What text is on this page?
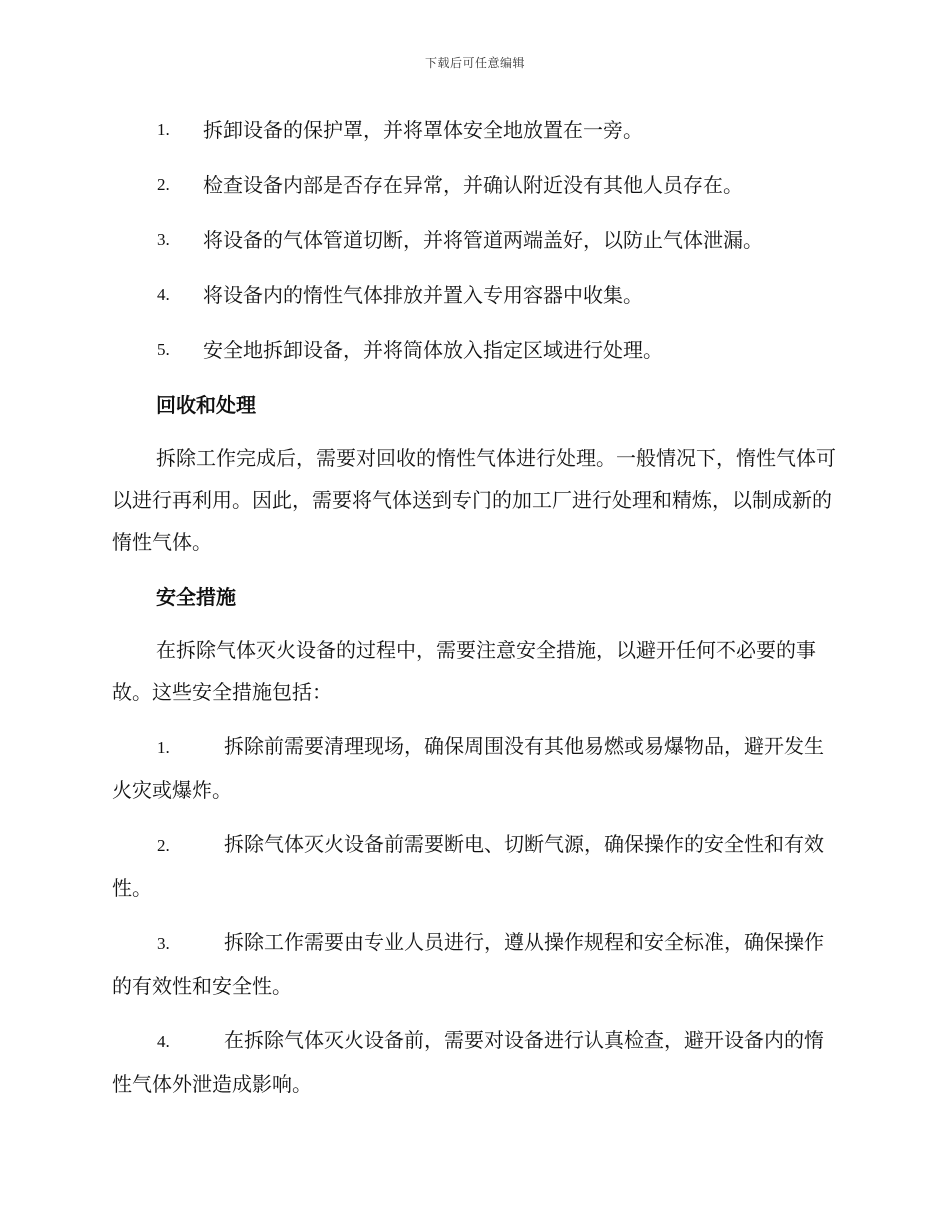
下载后可任意编辑
1.	拆卸设备的保护罩，并将罩体安全地放置在一旁。
2.	检查设备内部是否存在异常，并确认附近没有其他人员存在。
3.	将设备的气体管道切断，并将管道两端盖好，以防止气体泄漏。
4.	将设备内的惰性气体排放并置入专用容器中收集。
5.	安全地拆卸设备，并将筒体放入指定区域进行处理。
回收和处理

拆除工作完成后，需要对回收的惰性气体进行处理。一般情况下，惰性气体可以进行再利用。因此，需要将气体送到专门的加工厂进行处理和精炼，以制成新的惰性气体。

安全措施

在拆除气体灭火设备的过程中，需要注意安全措施，以避开任何不必要的事故。这些安全措施包括：

1.	拆除前需要清理现场，确保周围没有其他易燃或易爆物品，避开发生火灾或爆炸。

2.	拆除气体灭火设备前需要断电、切断气源，确保操作的安全性和有效性。

3.	拆除工作需要由专业人员进行，遵从操作规程和安全标准，确保操作的有效性和安全性。

4.	在拆除气体灭火设备前，需要对设备进行认真检查，避开设备内的惰性气体外泄造成影响。
